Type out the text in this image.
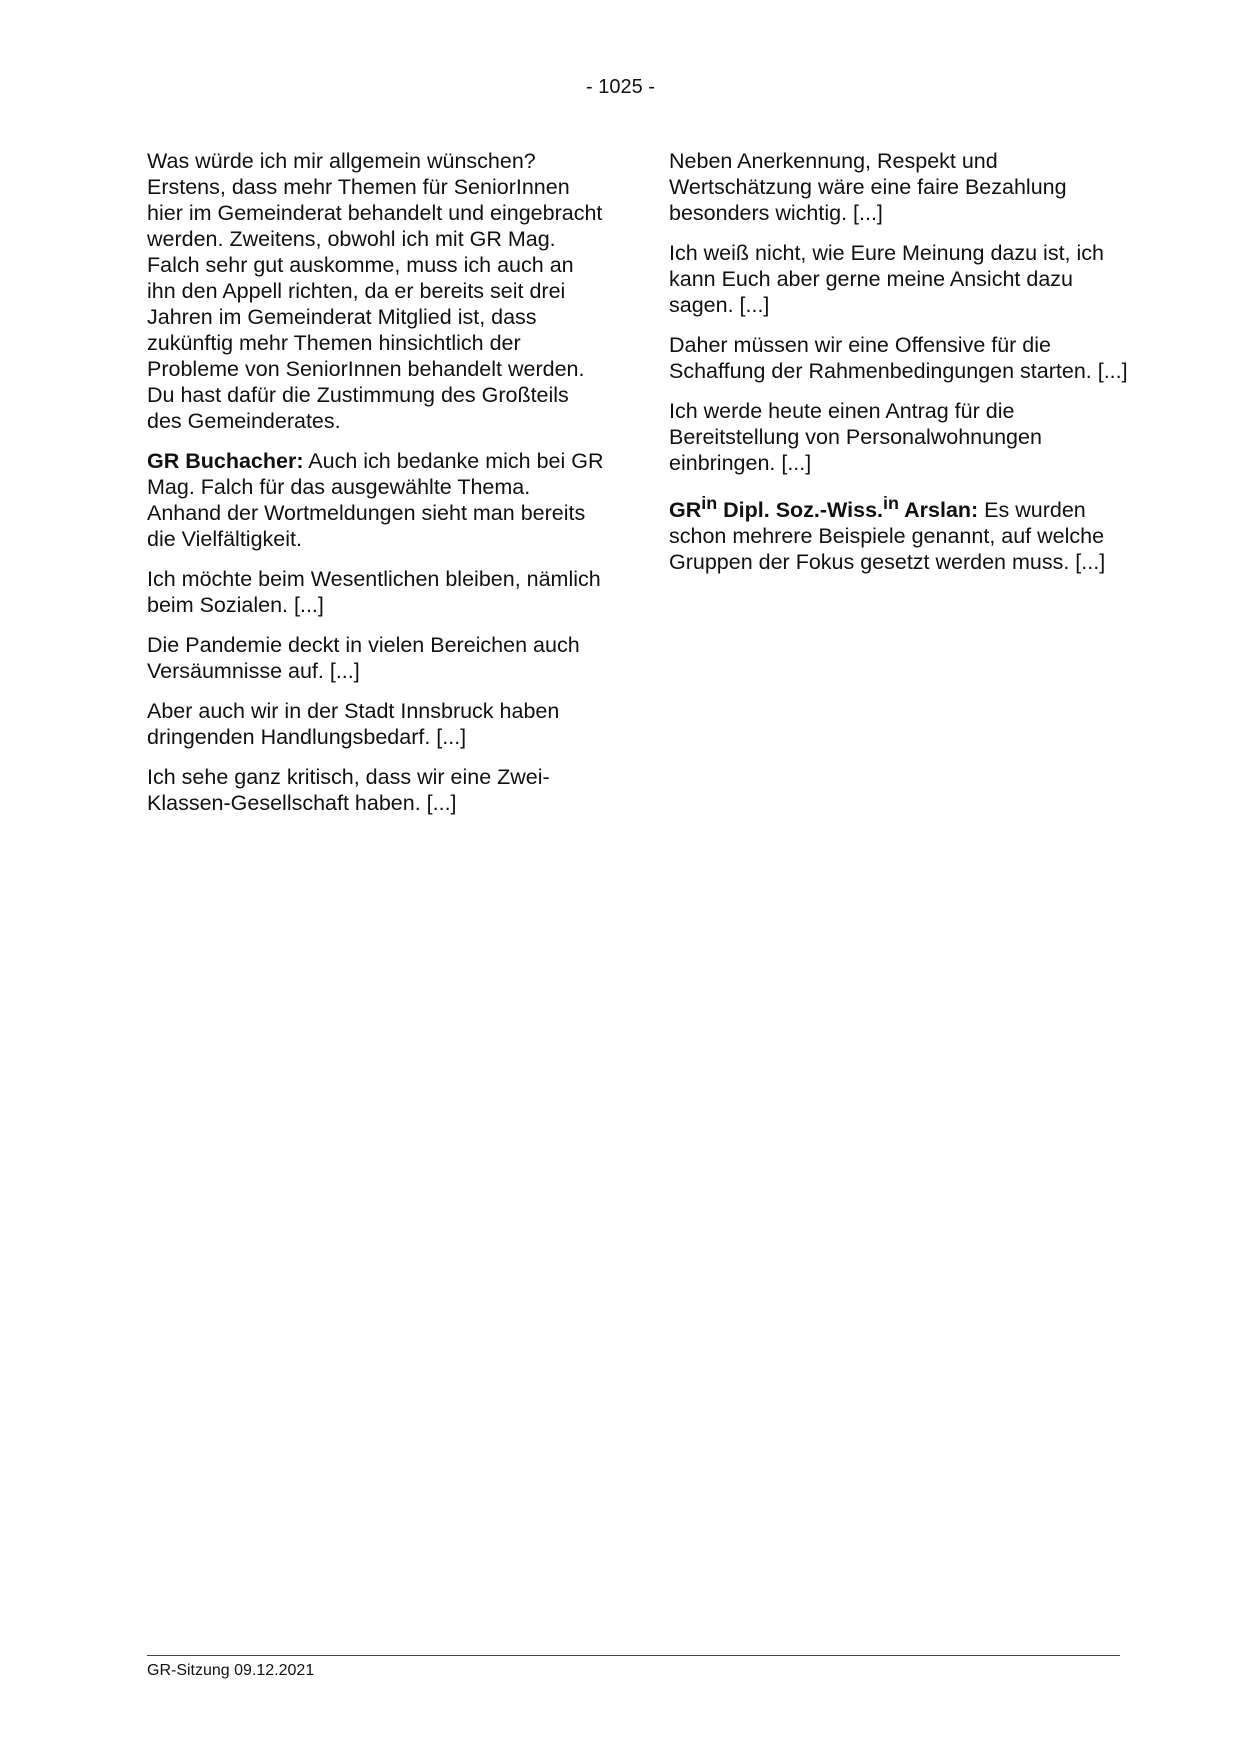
- 1025 -

Was würde ich mir allgemein wünschen? Erstens, dass mehr Themen für SeniorInnen hier im Gemeinderat behandelt und eingebracht werden. Zweitens, obwohl ich mit GR Mag. Falch sehr gut auskomme, muss ich auch an ihn den Appell richten, da er bereits seit drei Jahren im Gemeinderat Mitglied ist, dass zukünftig mehr Themen hinsichtlich der Probleme von SeniorInnen behandelt werden. Du hast dafür die Zustimmung des Großteils des Gemeinderates.

GR Buchacher: Auch ich bedanke mich bei GR Mag. Falch für das ausgewählte Thema. Anhand der Wortmeldungen sieht man bereits die Vielfältigkeit.

Ich möchte beim Wesentlichen bleiben, nämlich beim Sozialen. [...]

Die Pandemie deckt in vielen Bereichen auch Versäumnisse auf. [...]

Aber auch wir in der Stadt Innsbruck haben dringenden Handlungsbedarf. [...]

Ich sehe ganz kritisch, dass wir eine Zwei-Klassen-Gesellschaft haben. [...]

Neben Anerkennung, Respekt und Wertschätzung wäre eine faire Bezahlung besonders wichtig. [...]

Ich weiß nicht, wie Eure Meinung dazu ist, ich kann Euch aber gerne meine Ansicht dazu sagen. [...]

Daher müssen wir eine Offensive für die Schaffung der Rahmenbedingungen starten. [...]

Ich werde heute einen Antrag für die Bereitstellung von Personalwohnungen einbringen. [...]

$GR^{in}$ Dipl. Soz.-Wiss.$^{in}$ Arslan: Es wurden schon mehrere Beispiele genannt, auf welche Gruppen der Fokus gesetzt werden muss. [...]

GR-Sitzung 09.12.2021
